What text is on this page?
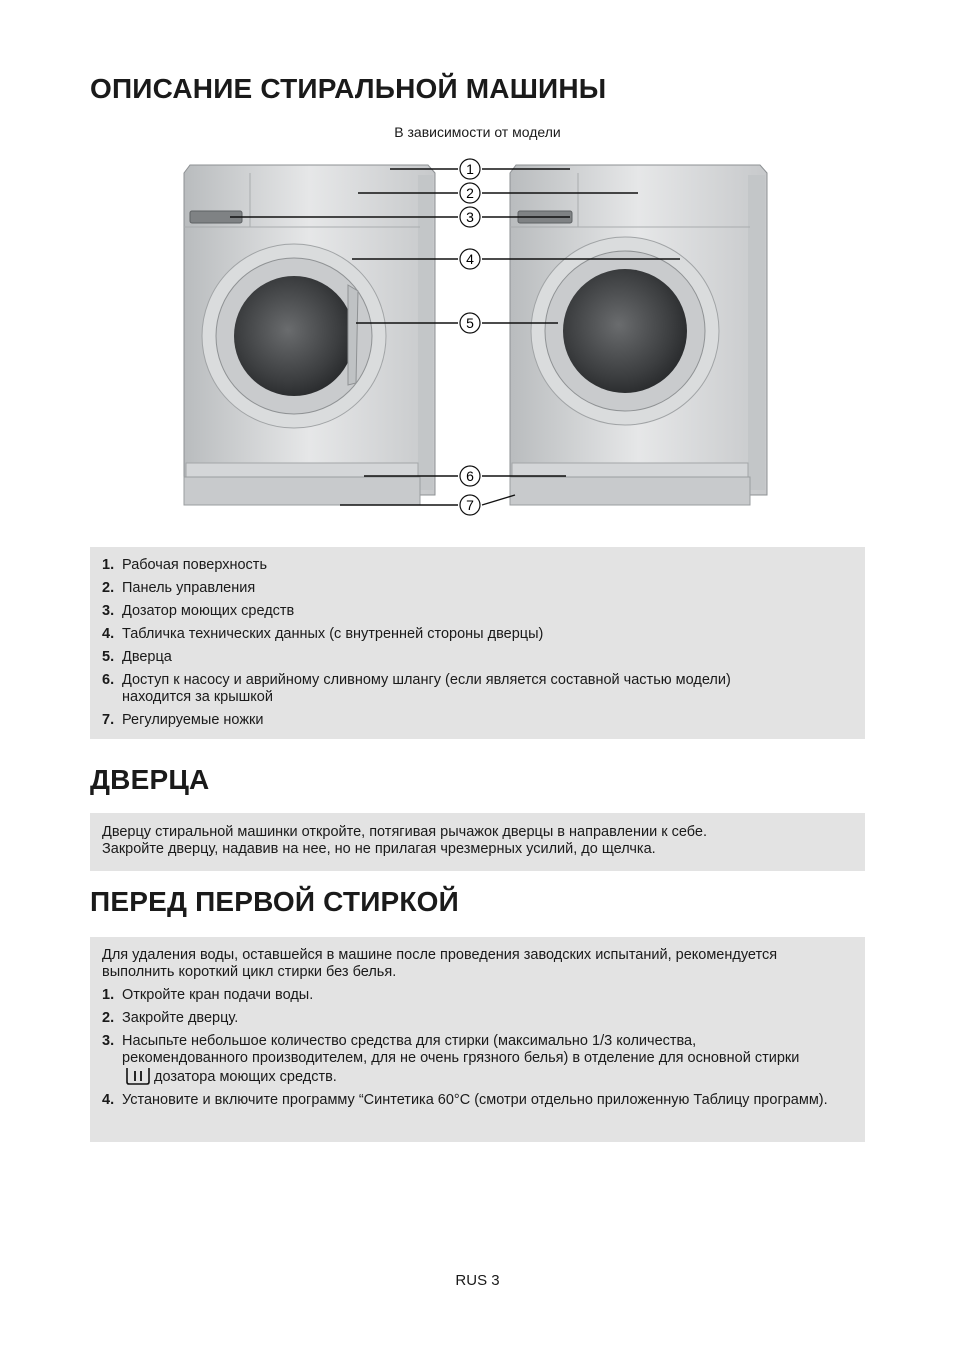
ОПИСАНИЕ СТИРАЛЬНОЙ МАШИНЫ
В зависимости от модели
1
2
3
4
5
6
7
1. Рабочая поверхность
2. Панель управления
3. Дозатор моющих средств
4. Табличка технических данных (с внутренней стороны дверцы)
5. Дверца
6. Доступ к насосу и аврийному сливному шлангу (если является составной частью модели) находится за крышкой
7. Регулируемые ножки
ДВЕРЦА
Дверцу стиральной машинки откройте, потягивая рычажок дверцы в направлении к себе.
Закройте дверцу, надавив на нее, но не прилагая чрезмерных усилий, до щелчка.
ПЕРЕД ПЕРВОЙ СТИРКОЙ

Для удаления воды, оставшейся в машине после проведения заводских испытаний, рекомендуется выполнить короткий цикл стирки без белья.

1. Откройте кран подачи воды.
2. Закройте дверцу.
3. Насыпьте небольшое количество средства для стирки (максимально 1/3 количества, рекомендованного производителем, для не очень грязного белья) в отделение для основной стиркидозатора моющих средств.
4. Установите и включите программу “Синтетика 60°C (смотри отдельно приложенную Таблицу программ).
RUS 3
